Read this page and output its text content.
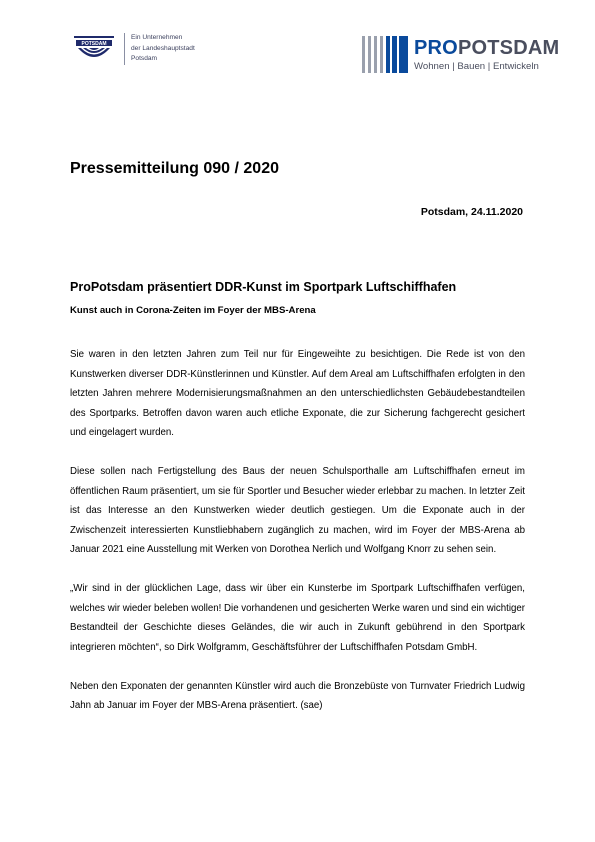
POTSDAM
Ein Unternehmen
der Landeshauptstadt
Potsdam	PROPOTSDAM
Wohnen | Bauen | Entwickeln
Pressemitteilung 090 / 2020
Potsdam, 24.11.2020
ProPotsdam präsentiert DDR-Kunst im Sportpark Luftschiffhafen
Kunst auch in Corona-Zeiten im Foyer der MBS-Arena

Sie waren in den letzten Jahren zum Teil nur für Eingeweihte zu besichtigen. Die Rede ist von den Kunstwerken diverser DDR-Künstlerinnen und Künstler. Auf dem Areal am Luftschiffhafen erfolgten in den letzten Jahren mehrere Modernisierungsmaßnahmen an den unterschiedlichsten Gebäudebestandteilen des Sportparks. Betroffen davon waren auch etliche Exponate, die zur Sicherung fachgerecht gesichert und eingelagert wurden.

Diese sollen nach Fertigstellung des Baus der neuen Schulsporthalle am Luftschiffhafen erneut im öffentlichen Raum präsentiert, um sie für Sportler und Besucher wieder erlebbar zu machen. In letzter Zeit ist das Interesse an den Kunstwerken wieder deutlich gestiegen. Um die Exponate auch in der Zwischenzeit interessierten Kunstliebhabern zugänglich zu machen, wird im Foyer der MBS-Arena ab Januar 2021 eine Ausstellung mit Werken von Dorothea Nerlich und Wolfgang Knorr zu sehen sein.

„Wir sind in der glücklichen Lage, dass wir über ein Kunsterbe im Sportpark Luftschiffhafen verfügen, welches wir wieder beleben wollen! Die vorhandenen und gesicherten Werke waren und sind ein wichtiger Bestandteil der Geschichte dieses Geländes, die wir auch in Zukunft gebührend in den Sportpark integrieren möchten“, so Dirk Wolfgramm, Geschäftsführer der Luftschiffhafen Potsdam GmbH.

Neben den Exponaten der genannten Künstler wird auch die Bronzebüste von Turnvater Friedrich Ludwig Jahn ab Januar im Foyer der MBS-Arena präsentiert. (sae)
